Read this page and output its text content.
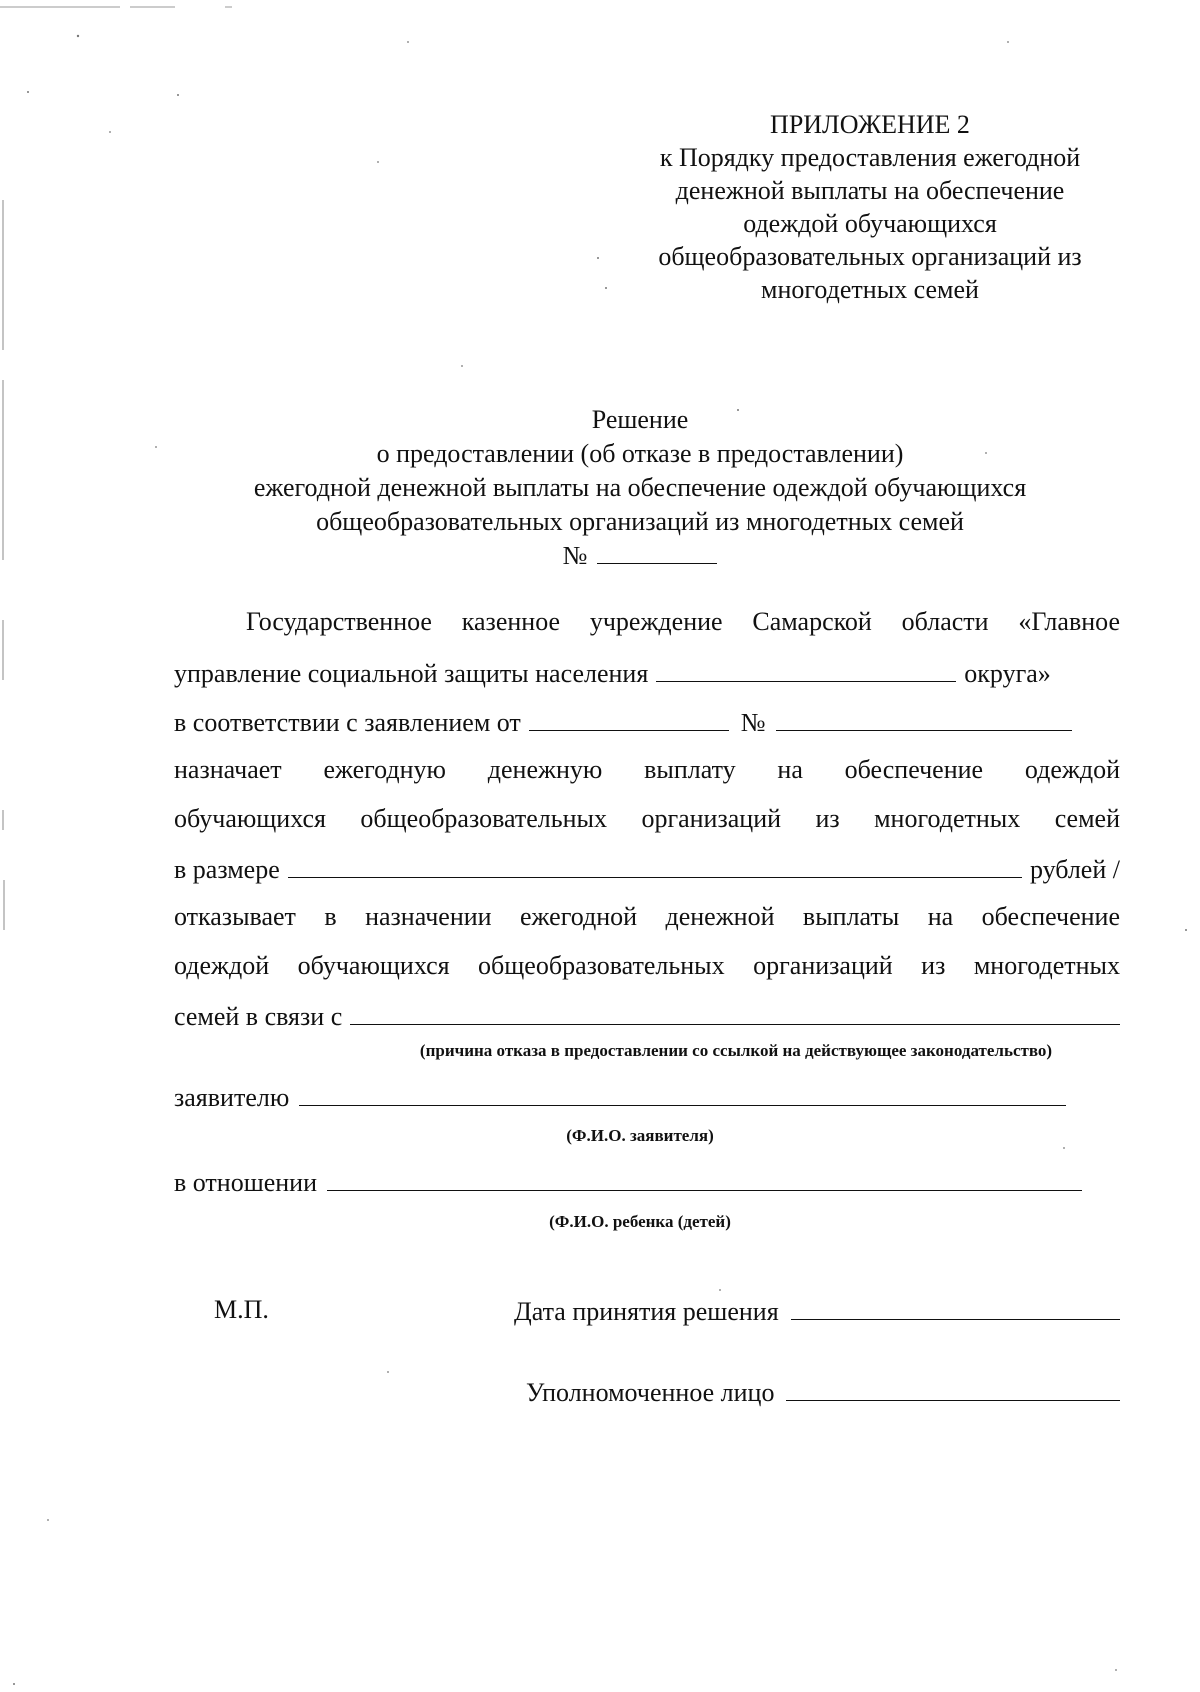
ПРИЛОЖЕНИЕ 2
к Порядку предоставления ежегодной
денежной выплаты на обеспечение
одеждой обучающихся
общеобразовательных организаций из
многодетных семей
Решение
о предоставлении (об отказе в предоставлении)
ежегодной денежной выплаты на обеспечение одеждой обучающихся
общеобразовательных организаций из многодетных семей
№
Государственное казенное учреждение Самарской области «Главное
управление социальной защиты населения	округа»
в соответствии с заявлением от	№
назначает ежегодную денежную выплату на обеспечение одеждой
обучающихся общеобразовательных организаций из многодетных семей
в размере	рублей /
отказывает в назначении ежегодной денежной выплаты на обеспечение
одеждой обучающихся общеобразовательных организаций из многодетных
семей в связи с
(причина отказа в предоставлении со ссылкой на действующее законодательство)
заявителю
(Ф.И.О. заявителя)
в отношении
(Ф.И.О. ребенка (детей)
М.П.	Дата принятия решения
Уполномоченное лицо
